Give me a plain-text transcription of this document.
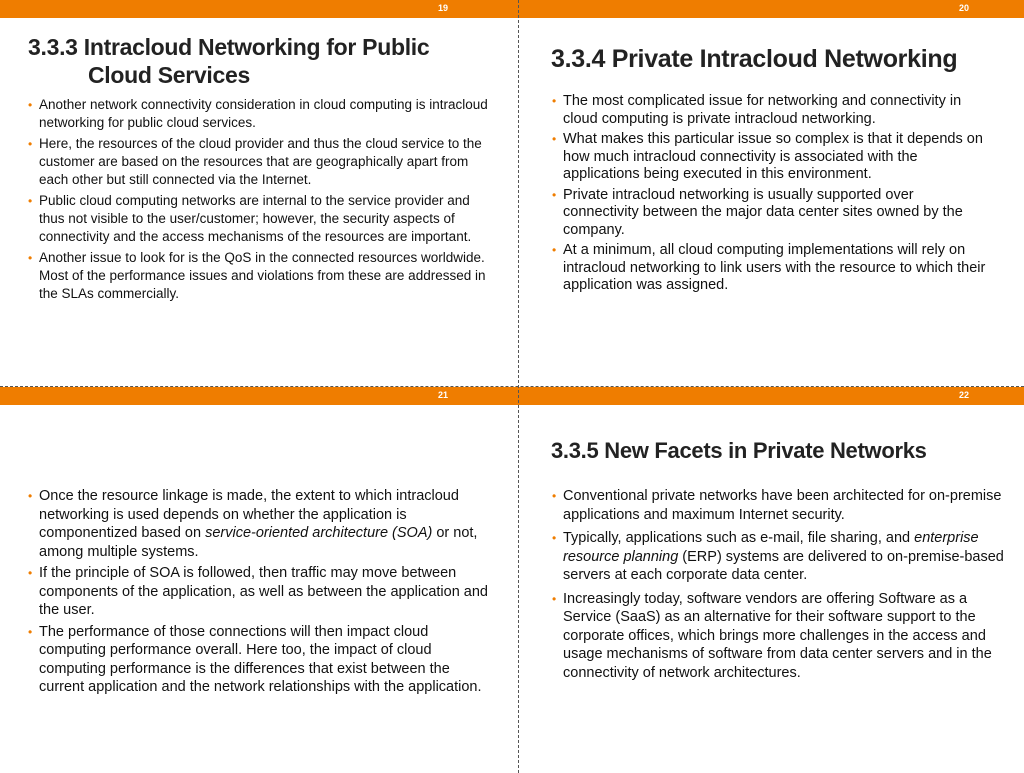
19
3.3.3 Intracloud Networking for Public
Cloud Services
• Another network connectivity consideration in cloud computing is intracloud networking for public cloud services.
• Here, the resources of the cloud provider and thus the cloud service to the customer are based on the resources that are geographically apart from each other but still connected via the Internet.
• Public cloud computing networks are internal to the service provider and thus not visible to the user/customer; however, the security aspects of connectivity and the access mechanisms of the resources are important.
• Another issue to look for is the QoS in the connected resources worldwide. Most of the performance issues and violations from these are addressed in the SLAs commercially.
20
3.3.4 Private Intracloud Networking
• The most complicated issue for networking and connectivity in cloud computing is private intracloud networking.
• What makes this particular issue so complex is that it depends on how much intracloud connectivity is associated with the applications being executed in this environment.
• Private intracloud networking is usually supported over connectivity between the major data center sites owned by the company.
• At a minimum, all cloud computing implementations will rely on intracloud networking to link users with the resource to which their application was assigned.
21
• Once the resource linkage is made, the extent to which intracloud networking is used depends on whether the application is componentized based on service-oriented architecture (SOA) or not, among multiple systems.
• If the principle of SOA is followed, then traffic may move between components of the application, as well as between the application and the user.
• The performance of those connections will then impact cloud computing performance overall. Here too, the impact of cloud computing performance is the differences that exist between the current application and the network relationships with the application.
22
3.3.5 New Facets in Private Networks
• Conventional private networks have been architected for on-premise applications and maximum Internet security.
• Typically, applications such as e-mail, file sharing, and enterprise resource planning (ERP) systems are delivered to on-premise-based servers at each corporate data center.
• Increasingly today, software vendors are offering Software as a Service (SaaS) as an alternative for their software support to the corporate offices, which brings more challenges in the access and usage mechanisms of software from data center servers and in the connectivity of network architectures.
